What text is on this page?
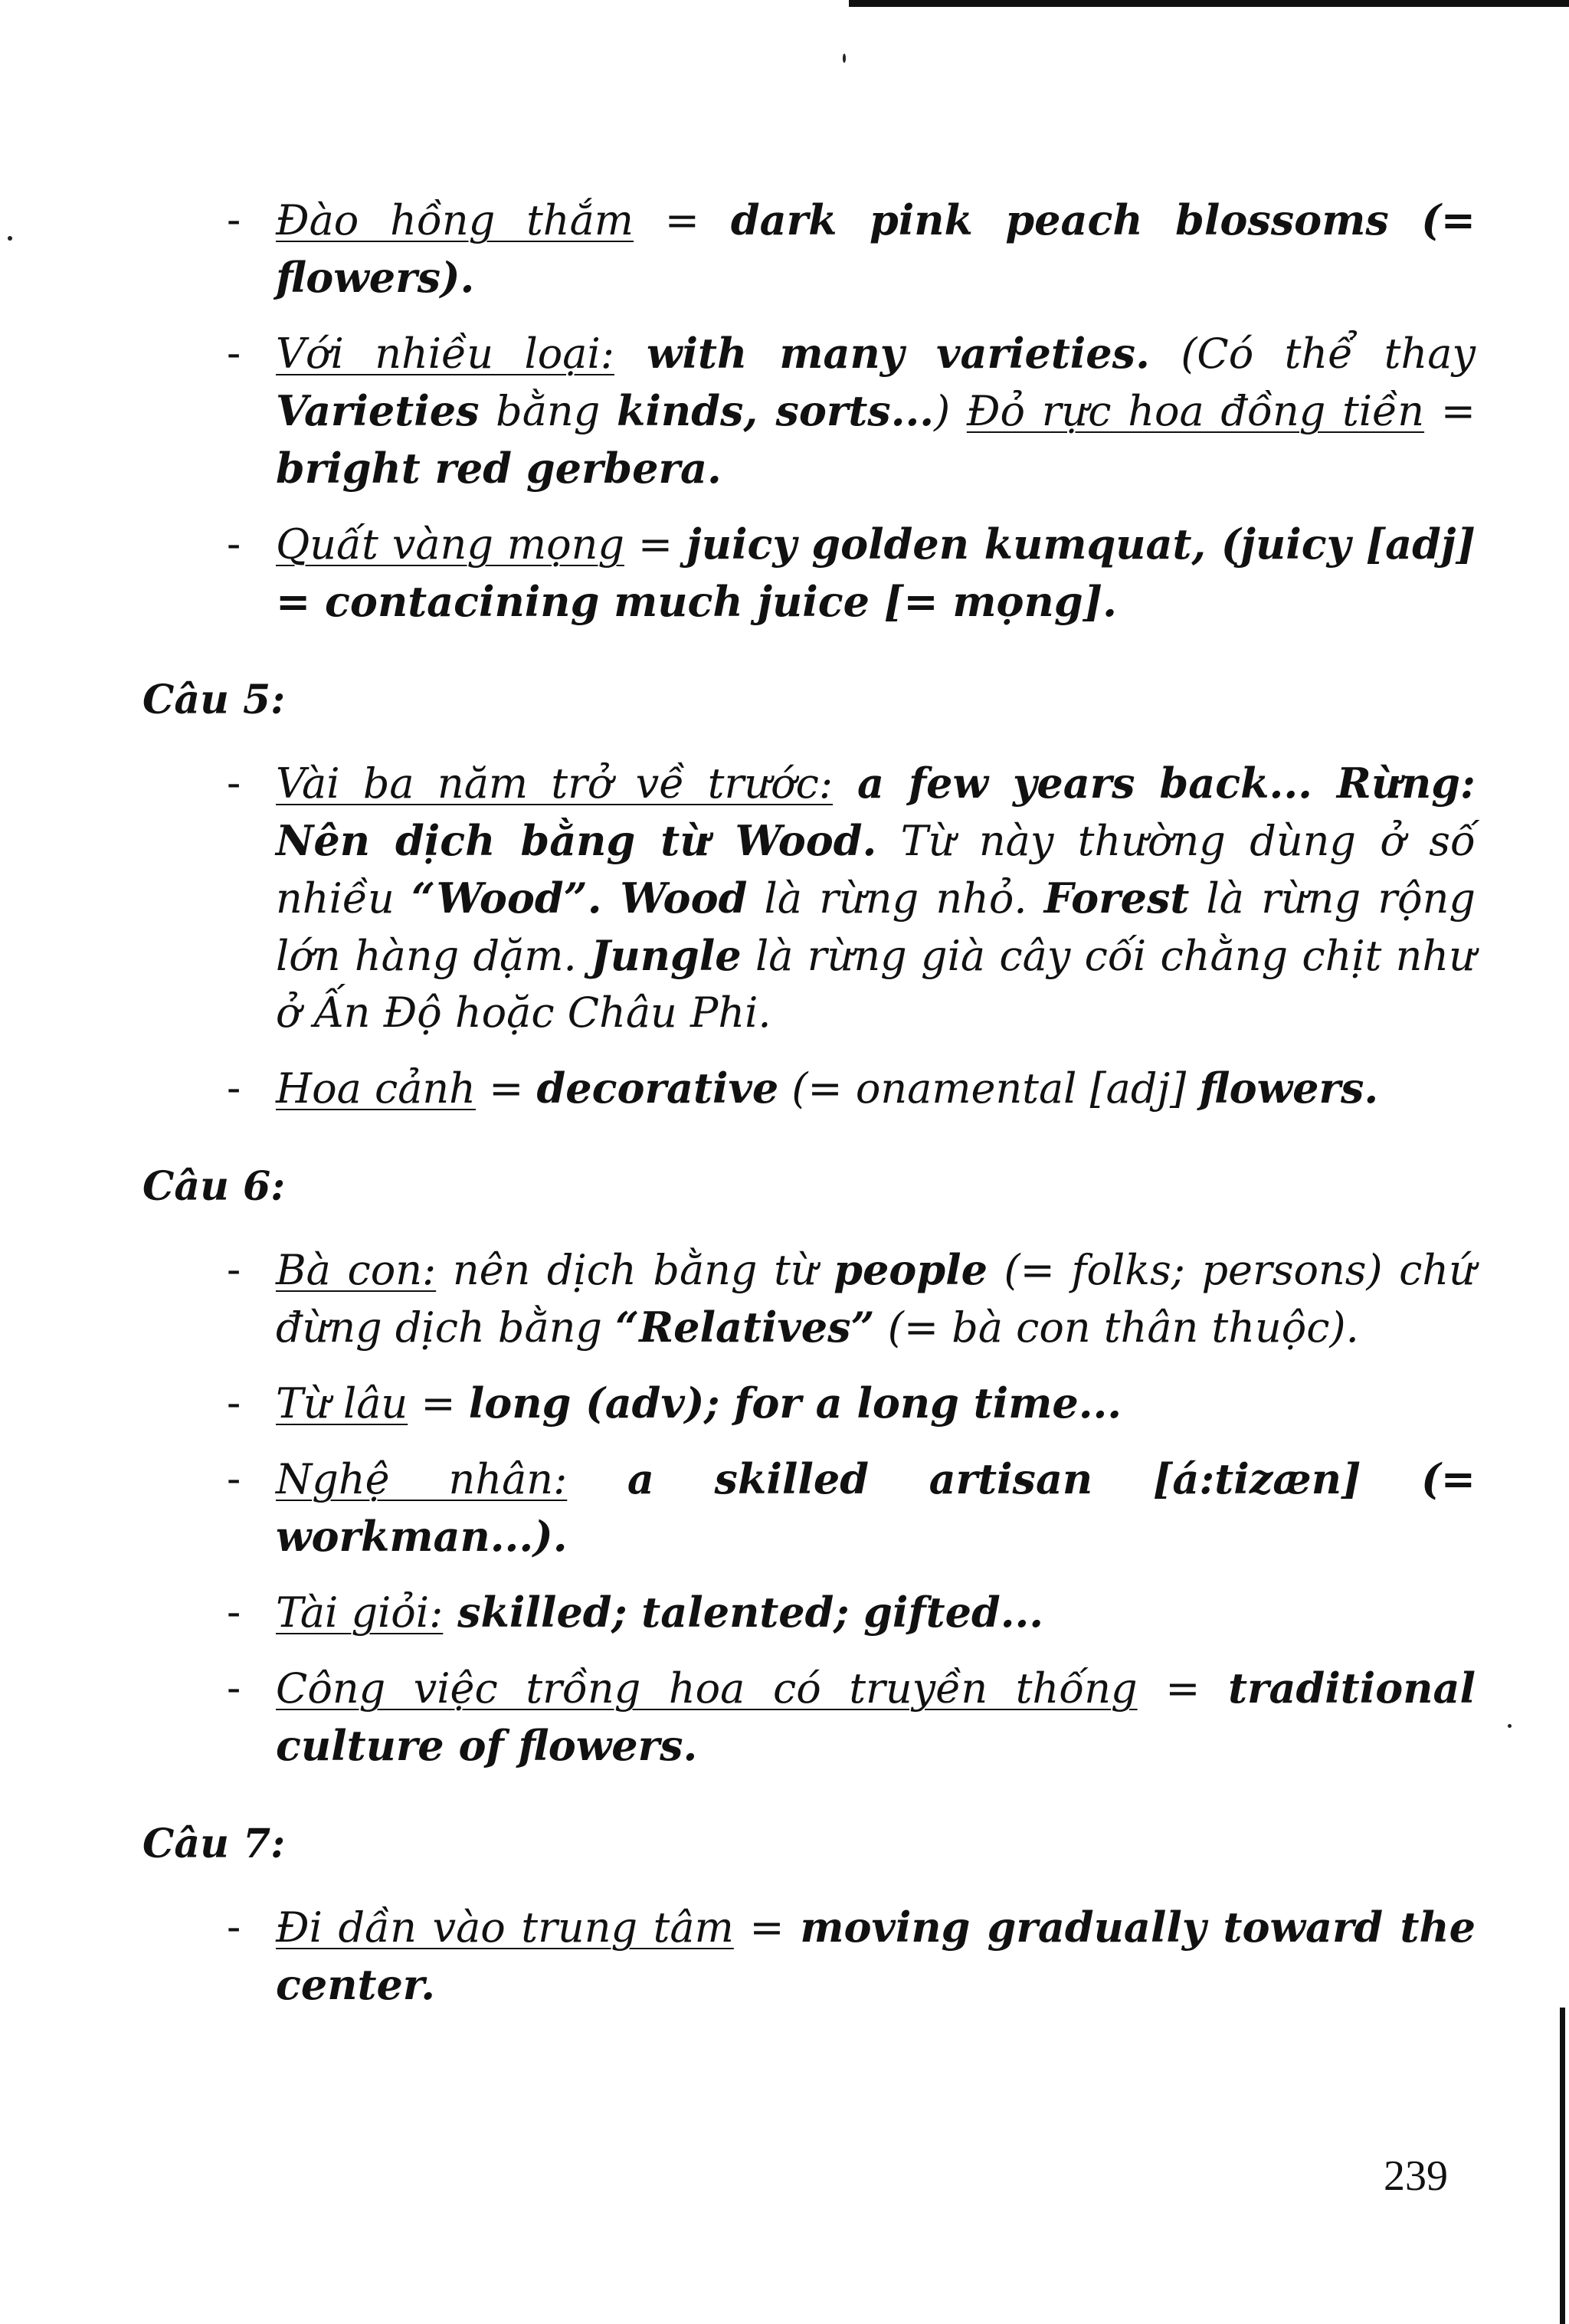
- Đào hồng thắm = dark pink peach blossoms (= flowers).
- Với nhiều loại: with many varieties. (Có thể thay Varieties bằng kinds, sorts...) Đỏ rực hoa đồng tiền = bright red gerbera.
- Quất vàng mọng = juicy golden kumquat, (juicy [adj] = contacining much juice [= mọng].
Câu 5:
- Vài ba năm trở về trước: a few years back... Rừng: Nên dịch bằng từ Wood. Từ này thường dùng ở số nhiều “Wood”. Wood là rừng nhỏ. Forest là rừng rộng lớn hàng dặm. Jungle là rừng già cây cối chằng chịt như ở Ấn Độ hoặc Châu Phi.
- Hoa cảnh = decorative (= onamental [adj] flowers.
Câu 6:
- Bà con: nên dịch bằng từ people (= folks; persons) chứ đừng dịch bằng “Relatives” (= bà con thân thuộc).
- Từ lâu = long (adv); for a long time...
- Nghệ nhân: a skilled artisan [á:tizæn] (= workman...).
- Tài giỏi: skilled; talented; gifted...
- Công việc trồng hoa có truyền thống = traditional culture of flowers.
Câu 7:
- Đi dần vào trung tâm = moving gradually toward the center.
239
